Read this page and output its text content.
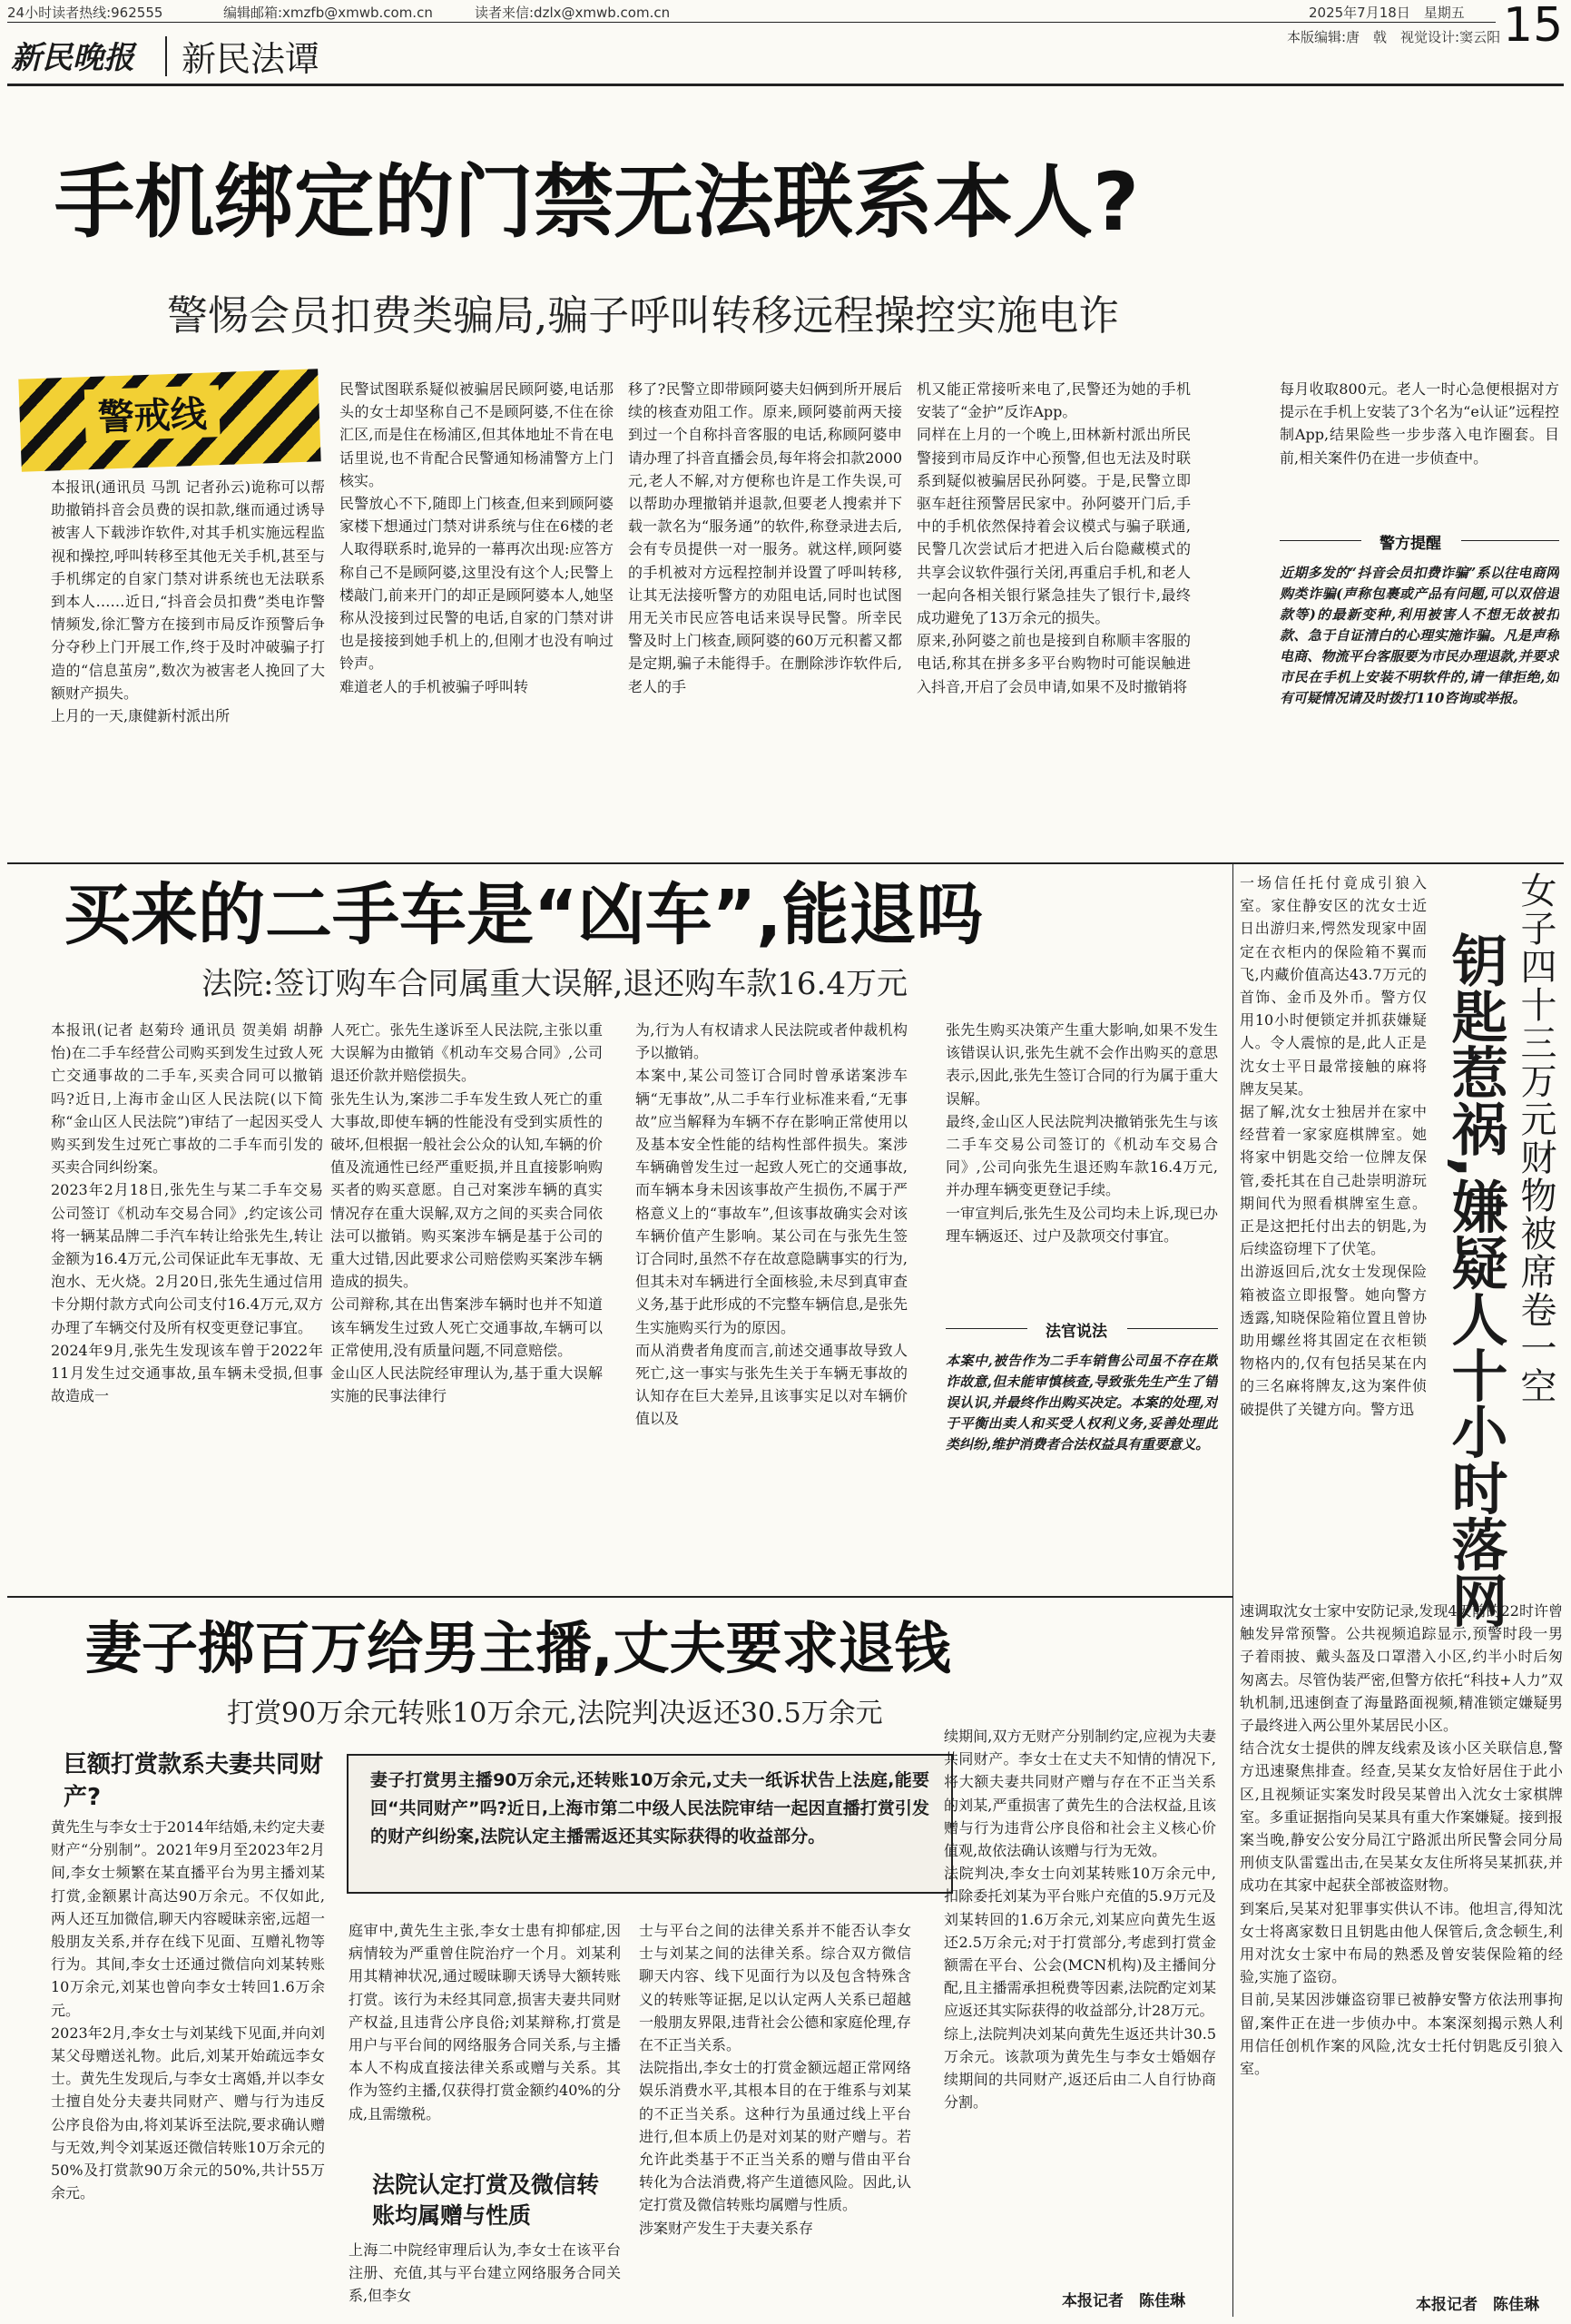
24小时读者热线:962555	编辑邮箱:xmzfb@xmwb.com.cn	读者来信:dzlx@xmwb.com.cn	2025年7月18日　星期五
本版编辑:唐　戟　视觉设计:窦云阳 15
新民晚报 新民法谭
手机绑定的门禁无法联系本人?
警惕会员扣费类骗局,骗子呼叫转移远程操控实施电诈
警戒线
本报讯(通讯员 马凯 记者孙云)诡称可以帮助撤销抖音会员费的误扣款,继而通过诱导被害人下载涉诈软件,对其手机实施远程监视和操控,呼叫转移至其他无关手机,甚至与手机绑定的自家门禁对讲系统也无法联系到本人……近日,“抖音会员扣费”类电诈警情频发,徐汇警方在接到市局反诈预警后争分夺秒上门开展工作,终于及时冲破骗子打造的“信息茧房”,数次为被害老人挽回了大额财产损失。
上月的一天,康健新村派出所
民警试图联系疑似被骗居民顾阿婆,电话那头的女士却坚称自己不是顾阿婆,不住在徐汇区,而是住在杨浦区,但其体地址不肯在电话里说,也不肯配合民警通知杨浦警方上门核实。
民警放心不下,随即上门核查,但来到顾阿婆家楼下想通过门禁对讲系统与住在6楼的老人取得联系时,诡异的一幕再次出现:应答方称自己不是顾阿婆,这里没有这个人;民警上楼敲门,前来开门的却正是顾阿婆本人,她坚称从没接到过民警的电话,自家的门禁对讲也是接接到她手机上的,但刚才也没有响过铃声。
难道老人的手机被骗子呼叫转
移了?民警立即带顾阿婆夫妇俩到所开展后续的核查劝阻工作。原来,顾阿婆前两天接到过一个自称抖音客服的电话,称顾阿婆申请办理了抖音直播会员,每年将会扣款2000元,老人不解,对方便称也许是工作失误,可以帮助办理撤销并退款,但要老人搜索并下载一款名为“服务通”的软件,称登录进去后,会有专员提供一对一服务。就这样,顾阿婆的手机被对方远程控制并设置了呼叫转移,让其无法接听警方的劝阻电话,同时也试图用无关市民应答电话来误导民警。所幸民警及时上门核查,顾阿婆的60万元积蓄又都是定期,骗子未能得手。在删除涉诈软件后,老人的手
机又能正常接听来电了,民警还为她的手机安装了“金护”反诈App。
同样在上月的一个晚上,田林新村派出所民警接到市局反诈中心预警,但也无法及时联系到疑似被骗居民孙阿婆。于是,民警立即驱车赶往预警居民家中。孙阿婆开门后,手中的手机依然保持着会议模式与骗子联通,民警几次尝试后才把进入后台隐藏模式的共享会议软件强行关闭,再重启手机,和老人一起向各相关银行紧急挂失了银行卡,最终成功避免了13万余元的损失。
原来,孙阿婆之前也是接到自称顺丰客服的电话,称其在拼多多平台购物时可能误触进入抖音,开启了会员申请,如果不及时撤销将
每月收取800元。老人一时心急便根据对方提示在手机上安装了3个名为“e认证”远程控制App,结果险些一步步落入电诈圈套。目前,相关案件仍在进一步侦查中。
警方提醒
近期多发的“抖音会员扣费诈骗”系以往电商网购类诈骗(声称包裹或产品有问题,可以双倍退款等)的最新变种,利用被害人不想无故被扣款、急于自证清白的心理实施诈骗。凡是声称电商、物流平台客服要为市民办理退款,并要求市民在手机上安装不明软件的,请一律拒绝,如有可疑情况请及时拨打110咨询或举报。
买来的二手车是“凶车”,能退吗
法院:签订购车合同属重大误解,退还购车款16.4万元
本报讯(记者 赵菊玲 通讯员 贺美娟 胡静怡)在二手车经营公司购买到发生过致人死亡交通事故的二手车,买卖合同可以撤销吗?近日,上海市金山区人民法院(以下简称“金山区人民法院”)审结了一起因买受人购买到发生过死亡事故的二手车而引发的买卖合同纠纷案。
2023年2月18日,张先生与某二手车交易公司签订《机动车交易合同》,约定该公司将一辆某品牌二手汽车转让给张先生,转让金额为16.4万元,公司保证此车无事故、无泡水、无火烧。2月20日,张先生通过信用卡分期付款方式向公司支付16.4万元,双方办理了车辆交付及所有权变更登记事宜。
2024年9月,张先生发现该车曾于2022年11月发生过交通事故,虽车辆未受损,但事故造成一
人死亡。张先生遂诉至人民法院,主张以重大误解为由撤销《机动车交易合同》,公司退还价款并赔偿损失。
张先生认为,案涉二手车发生致人死亡的重大事故,即使车辆的性能没有受到实质性的破坏,但根据一般社会公众的认知,车辆的价值及流通性已经严重贬损,并且直接影响购买者的购买意愿。自己对案涉车辆的真实情况存在重大误解,双方之间的买卖合同依法可以撤销。购买案涉车辆是基于公司的重大过错,因此要求公司赔偿购买案涉车辆造成的损失。
公司辩称,其在出售案涉车辆时也并不知道该车辆发生过致人死亡交通事故,车辆可以正常使用,没有质量问题,不同意赔偿。
金山区人民法院经审理认为,基于重大误解实施的民事法律行
为,行为人有权请求人民法院或者仲裁机构予以撤销。
本案中,某公司签订合同时曾承诺案涉车辆“无事故”,从二手车行业标准来看,“无事故”应当解释为车辆不存在影响正常使用以及基本安全性能的结构性部件损失。案涉车辆确曾发生过一起致人死亡的交通事故,而车辆本身未因该事故产生损伤,不属于严格意义上的“事故车”,但该事故确实会对该车辆价值产生影响。某公司在与张先生签订合同时,虽然不存在故意隐瞒事实的行为,但其未对车辆进行全面核验,未尽到真审查义务,基于此形成的不完整车辆信息,是张先生实施购买行为的原因。
而从消费者角度而言,前述交通事故导致人死亡,这一事实与张先生关于车辆无事故的认知存在巨大差异,且该事实足以对车辆价值以及
张先生购买决策产生重大影响,如果不发生该错误认识,张先生就不会作出购买的意思表示,因此,张先生签订合同的行为属于重大误解。
最终,金山区人民法院判决撤销张先生与该二手车交易公司签订的《机动车交易合同》,公司向张先生退还购车款16.4万元,并办理车辆变更登记手续。
一审宣判后,张先生及公司均未上诉,现已办理车辆返还、过户及款项交付事宜。
法官说法
本案中,被告作为二手车销售公司虽不存在欺诈故意,但未能审慎核查,导致张先生产生了错误认识,并最终作出购买决定。本案的处理,对于平衡出卖人和买受人权利义务,妥善处理此类纠纷,维护消费者合法权益具有重要意义。
妻子掷百万给男主播,丈夫要求退钱
打赏90万余元转账10万余元,法院判决返还30.5万余元
巨额打赏款系夫妻共同财产?
黄先生与李女士于2014年结婚,未约定夫妻财产“分别制”。2021年9月至2023年2月间,李女士频繁在某直播平台为男主播刘某打赏,金额累计高达90万余元。不仅如此,两人还互加微信,聊天内容暧昧亲密,远超一般朋友关系,并存在线下见面、互赠礼物等行为。其间,李女士还通过微信向刘某转账10万余元,刘某也曾向李女士转回1.6万余元。
2023年2月,李女士与刘某线下见面,并向刘某父母赠送礼物。此后,刘某开始疏远李女士。黄先生发现后,与李女士离婚,并以李女士擅自处分夫妻共同财产、赠与行为违反公序良俗为由,将刘某诉至法院,要求确认赠与无效,判令刘某返还微信转账10万余元的50%及打赏款90万余元的50%,共计55万余元。
妻子打赏男主播90万余元,还转账10万余元,丈夫一纸诉状告上法庭,能要回“共同财产”吗?近日,上海市第二中级人民法院审结一起因直播打赏引发的财产纠纷案,法院认定主播需返还其实际获得的收益部分。
庭审中,黄先生主张,李女士患有抑郁症,因病情较为严重曾住院治疗一个月。刘某利用其精神状况,通过暧昧聊天诱导大额转账打赏。该行为未经其同意,损害夫妻共同财产权益,且违背公序良俗;刘某辩称,打赏是用户与平台间的网络服务合同关系,与主播本人不构成直接法律关系或赠与关系。其作为签约主播,仅获得打赏金额约40%的分成,且需缴税。
法院认定打赏及微信转账均属赠与性质
上海二中院经审理后认为,李女士在该平台注册、充值,其与平台建立网络服务合同关系,但李女
士与平台之间的法律关系并不能否认李女士与刘某之间的法律关系。综合双方微信聊天内容、线下见面行为以及包含特殊含义的转账等证据,足以认定两人关系已超越一般朋友界限,违背社会公德和家庭伦理,存在不正当关系。
法院指出,李女士的打赏金额远超正常网络娱乐消费水平,其根本目的在于维系与刘某的不正当关系。这种行为虽通过线上平台进行,但本质上仍是对刘某的财产赠与。若允许此类基于不正当关系的赠与借由平台转化为合法消费,将产生道德风险。因此,认定打赏及微信转账均属赠与性质。
涉案财产发生于夫妻关系存
续期间,双方无财产分别制约定,应视为夫妻共同财产。李女士在丈夫不知情的情况下,将大额夫妻共同财产赠与存在不正当关系的刘某,严重损害了黄先生的合法权益,且该赠与行为违背公序良俗和社会主义核心价值观,故依法确认该赠与行为无效。
法院判决,李女士向刘某转账10万余元中,扣除委托刘某为平台账户充值的5.9万元及刘某转回的1.6万余元,刘某应向黄先生返还2.5万余元;对于打赏部分,考虑到打赏金额需在平台、公会(MCN机构)及主播间分配,且主播需承担税费等因素,法院酌定刘某应返还其实际获得的收益部分,计28万元。
综上,法院判决刘某向黄先生返还共计30.5万余元。该款项为黄先生与李女士婚姻存续期间的共同财产,返还后由二人自行协商分割。
本报记者　陈佳琳
女子四十三万元财物被席卷一空
钥匙惹祸,嫌疑人十小时落网
一场信任托付竟成引狼入室。家住静安区的沈女士近日出游归来,愕然发现家中固定在衣柜内的保险箱不翼而飞,内藏价值高达43.7万元的首饰、金币及外币。警方仅用10小时便锁定并抓获嫌疑人。令人震惊的是,此人正是沈女士平日最常接触的麻将牌友吴某。
据了解,沈女士独居并在家中经营着一家家庭棋牌室。她将家中钥匙交给一位牌友保管,委托其在自己赴崇明游玩期间代为照看棋牌室生意。正是这把托付出去的钥匙,为后续盗窃埋下了伏笔。
出游返回后,沈女士发现保险箱被盗立即报警。她向警方透露,知晓保险箱位置且曾协助用螺丝将其固定在衣柜锁物格内的,仅有包括吴某在内的三名麻将牌友,这为案件侦破提供了关键方向。警方迅
速调取沈女士家中安防记录,发现4天前的22时许曾触发异常预警。公共视频追踪显示,预警时段一男子着雨披、戴头盔及口罩潜入小区,约半小时后匆匆离去。尽管伪装严密,但警方依托“科技+人力”双轨机制,迅速倒查了海量路面视频,精准锁定嫌疑男子最终进入两公里外某居民小区。
结合沈女士提供的牌友线索及该小区关联信息,警方迅速聚焦排查。经查,吴某女友恰好居住于此小区,且视频证实案发时段吴某曾出入沈女士家棋牌室。多重证据指向吴某具有重大作案嫌疑。接到报案当晚,静安公安分局江宁路派出所民警会同分局刑侦支队雷霆出击,在吴某女友住所将吴某抓获,并成功在其家中起获全部被盗财物。
到案后,吴某对犯罪事实供认不讳。他坦言,得知沈女士将离家数日且钥匙由他人保管后,贪念顿生,利用对沈女士家中布局的熟悉及曾安装保险箱的经验,实施了盗窃。
目前,吴某因涉嫌盗窃罪已被静安警方依法刑事拘留,案件正在进一步侦办中。本案深刻揭示熟人利用信任创机作案的风险,沈女士托付钥匙反引狼入室。
本报记者　陈佳琳
